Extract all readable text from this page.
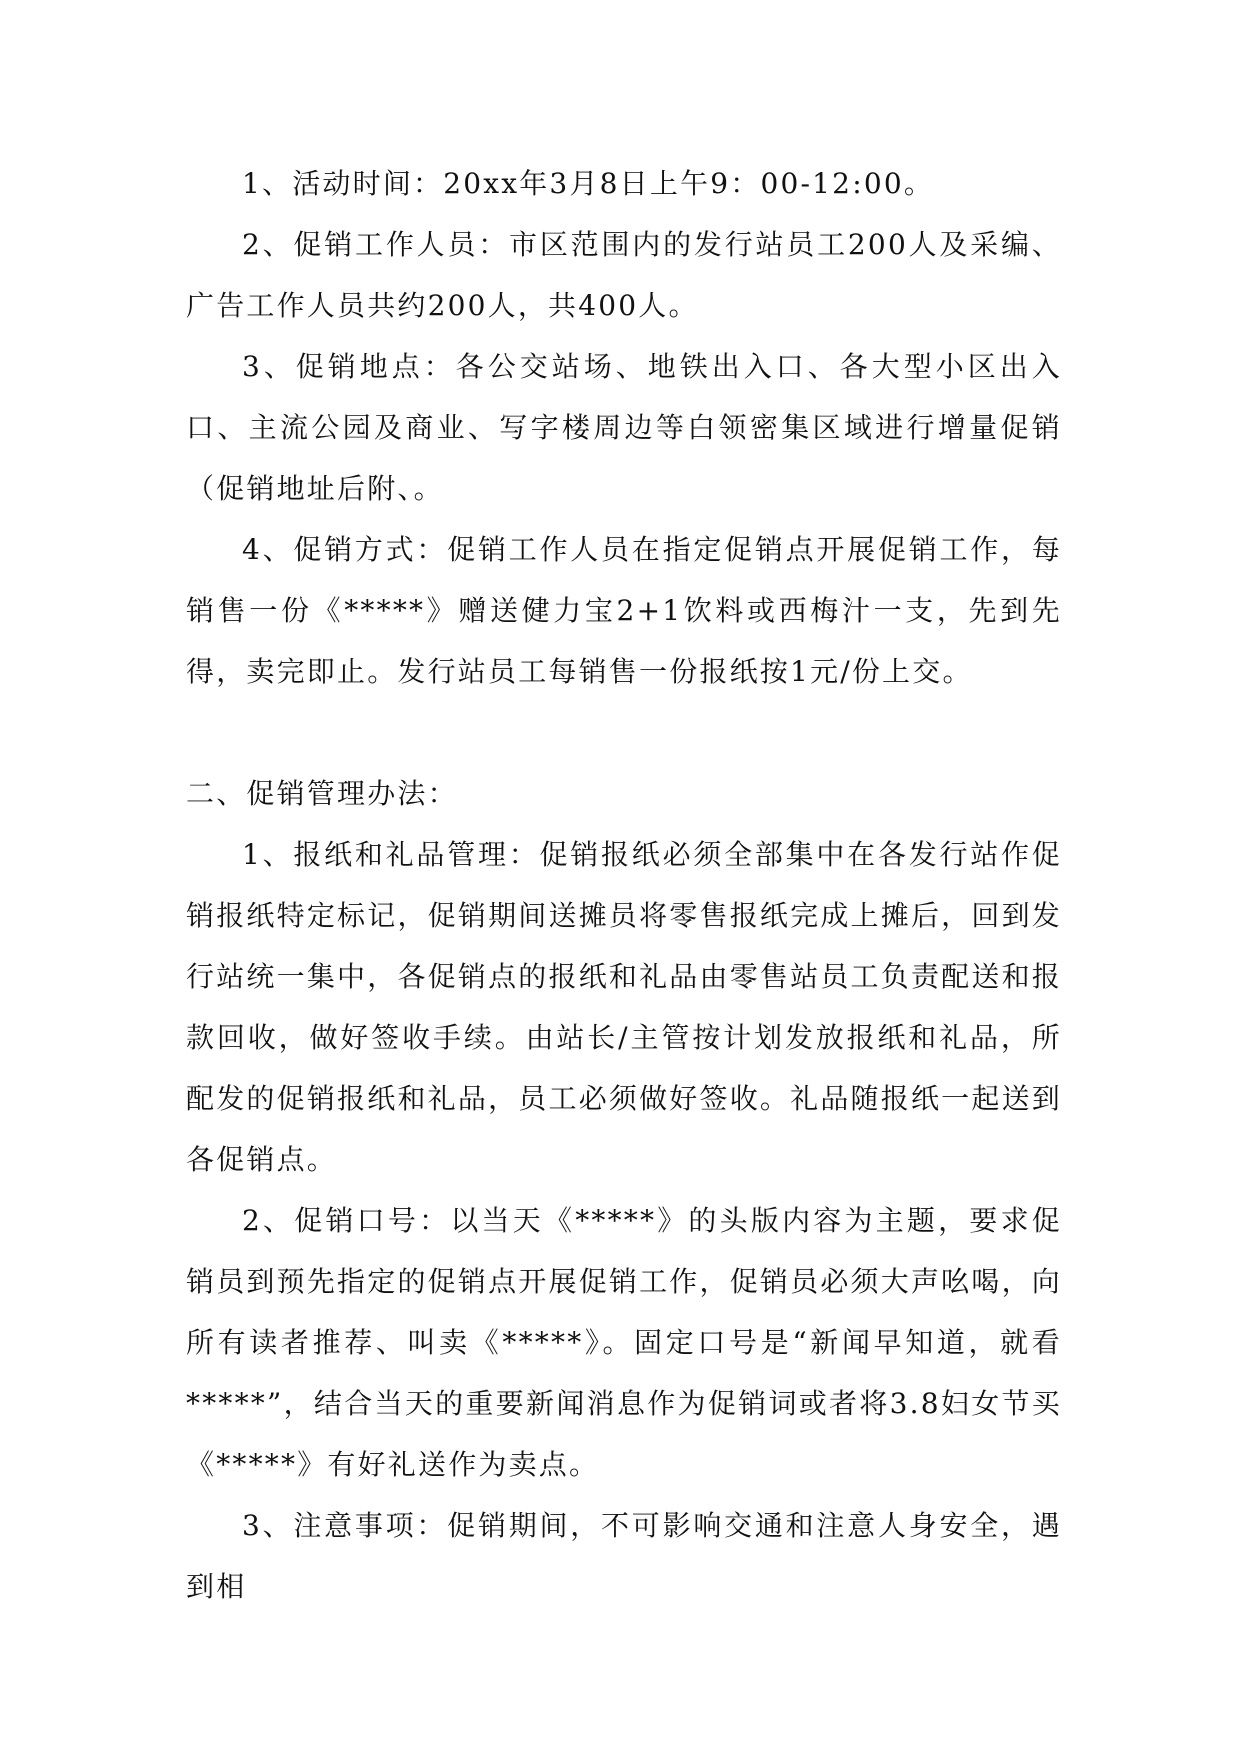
1、活动时间：20xx年3月8日上午9：00-12:00。

2、促销工作人员：市区范围内的发行站员工200人及采编、广告工作人员共约200人，共400人。

3、促销地点：各公交站场、地铁出入口、各大型小区出入口、主流公园及商业、写字楼周边等白领密集区域进行增量促销（促销地址后附、。

4、促销方式：促销工作人员在指定促销点开展促销工作，每销售一份《*****》赠送健力宝2+1饮料或西梅汁一支，先到先得，卖完即止。发行站员工每销售一份报纸按1元/份上交。

二、促销管理办法：

1、报纸和礼品管理：促销报纸必须全部集中在各发行站作促销报纸特定标记，促销期间送摊员将零售报纸完成上摊后，回到发行站统一集中，各促销点的报纸和礼品由零售站员工负责配送和报款回收，做好签收手续。由站长/主管按计划发放报纸和礼品，所配发的促销报纸和礼品，员工必须做好签收。礼品随报纸一起送到各促销点。

2、促销口号：以当天《*****》的头版内容为主题，要求促销员到预先指定的促销点开展促销工作，促销员必须大声吆喝，向所有读者推荐、叫卖《*****》。固定口号是“新闻早知道，就看*****”，结合当天的重要新闻消息作为促销词或者将3.8妇女节买《*****》有好礼送作为卖点。

3、注意事项：促销期间，不可影响交通和注意人身安全，遇到相
